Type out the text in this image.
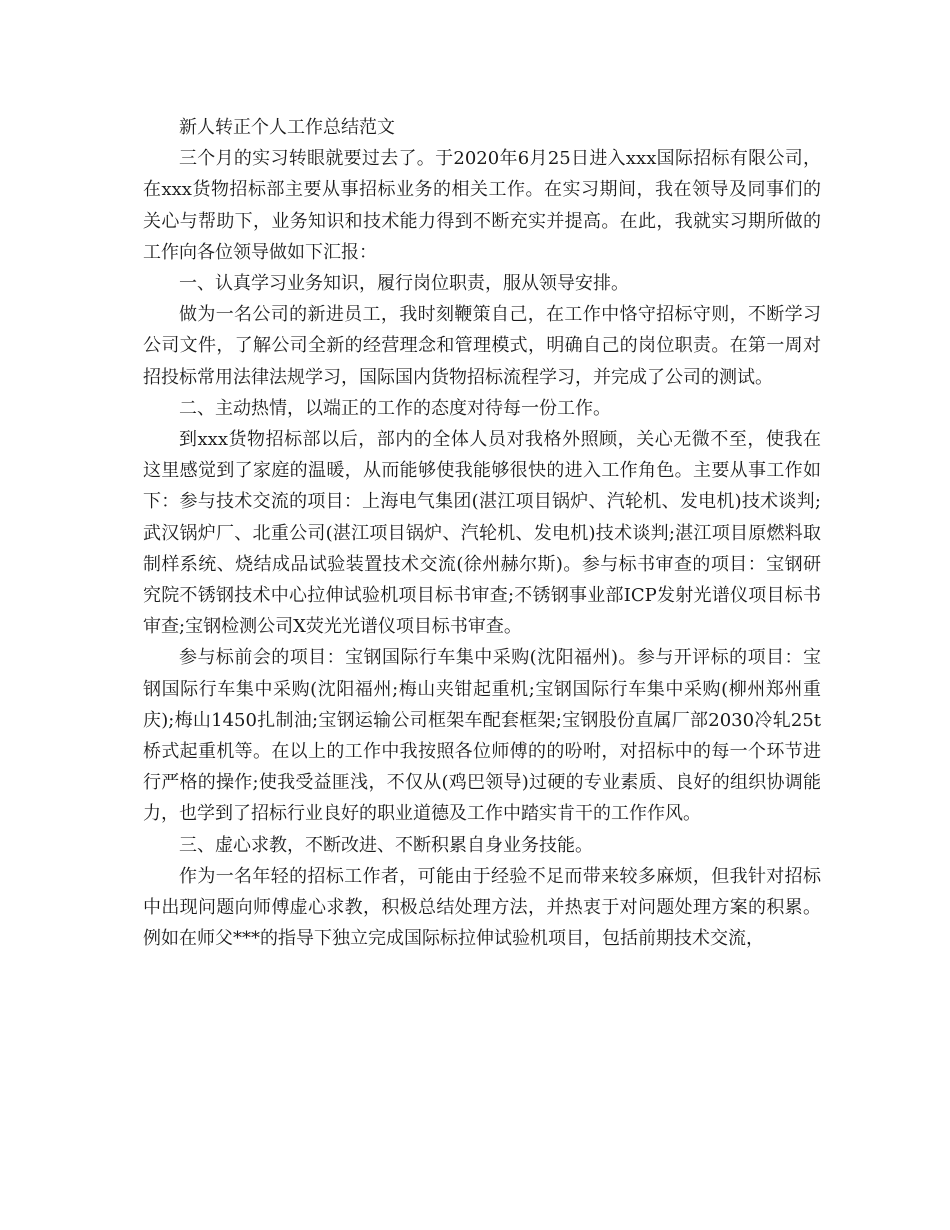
新人转正个人工作总结范文

三个月的实习转眼就要过去了。于2020年6月25日进入xxx国际招标有限公司，在xxx货物招标部主要从事招标业务的相关工作。在实习期间，我在领导及同事们的关心与帮助下，业务知识和技术能力得到不断充实并提高。在此，我就实习期所做的工作向各位领导做如下汇报：

一、认真学习业务知识，履行岗位职责，服从领导安排。

做为一名公司的新进员工，我时刻鞭策自己，在工作中恪守招标守则，不断学习公司文件，了解公司全新的经营理念和管理模式，明确自己的岗位职责。在第一周对招投标常用法律法规学习，国际国内货物招标流程学习，并完成了公司的测试。

二、主动热情，以端正的工作的态度对待每一份工作。

到xxx货物招标部以后，部内的全体人员对我格外照顾，关心无微不至，使我在这里感觉到了家庭的温暖，从而能够使我能够很快的进入工作角色。主要从事工作如下：参与技术交流的项目：上海电气集团(湛江项目锅炉、汽轮机、发电机)技术谈判;武汉锅炉厂、北重公司(湛江项目锅炉、汽轮机、发电机)技术谈判;湛江项目原燃料取制样系统、烧结成品试验装置技术交流(徐州赫尔斯)。参与标书审查的项目：宝钢研究院不锈钢技术中心拉伸试验机项目标书审查;不锈钢事业部ICP发射光谱仪项目标书审查;宝钢检测公司X荧光光谱仪项目标书审查。

参与标前会的项目：宝钢国际行车集中采购(沈阳福州)。参与开评标的项目：宝钢国际行车集中采购(沈阳福州;梅山夹钳起重机;宝钢国际行车集中采购(柳州郑州重庆);梅山1450扎制油;宝钢运输公司框架车配套框架;宝钢股份直属厂部2030冷轧25t桥式起重机等。在以上的工作中我按照各位师傅的的吩咐，对招标中的每一个环节进行严格的操作;使我受益匪浅，不仅从(鸡巴领导)过硬的专业素质、良好的组织协调能力，也学到了招标行业良好的职业道德及工作中踏实肯干的工作作风。

三、虚心求教，不断改进、不断积累自身业务技能。

作为一名年轻的招标工作者，可能由于经验不足而带来较多麻烦，但我针对招标中出现问题向师傅虚心求教，积极总结处理方法，并热衷于对问题处理方案的积累。例如在师父***的指导下独立完成国际标拉伸试验机项目，包括前期技术交流，
